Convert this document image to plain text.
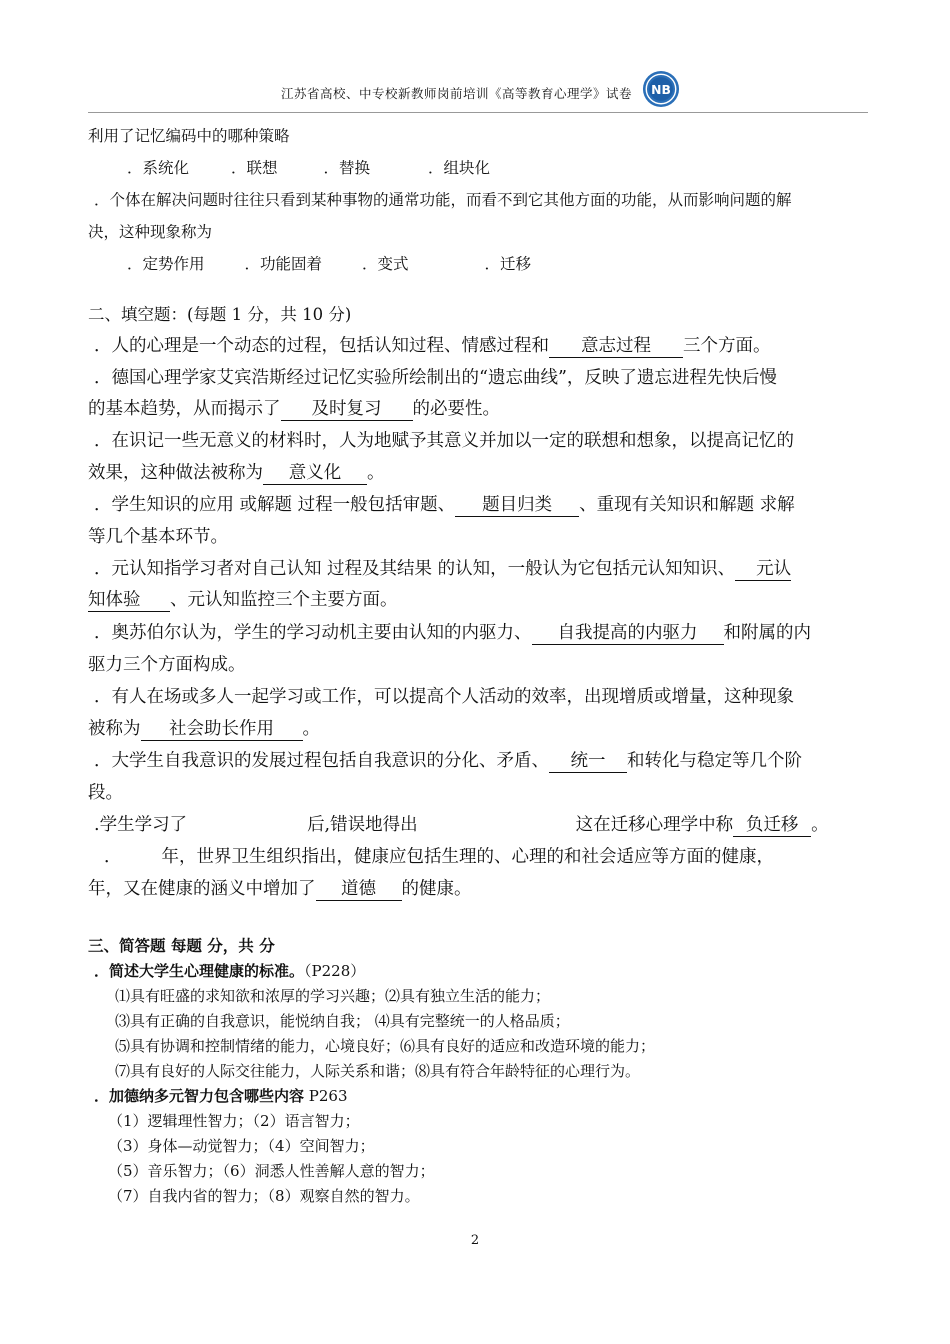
江苏省高校、中专校新教师岗前培训《高等教育心理学》试卷 NB
利用了记忆编码中的哪种策略
．系统化	．联想	．替换	．组块化
．个体在解决问题时往往只看到某种事物的通常功能，而看不到它其他方面的功能，从而影响问题的解
决，这种现象称为
．定势作用	．功能固着	．变式	．迁移
二、填空题：(每题 1 分，共 10 分)
．人的心理是一个动态的过程，包括认知过程、情感过程和 意志过程 三个方面。
．德国心理学家艾宾浩斯经过记忆实验所绘制出的“遗忘曲线”，反映了遗忘进程先快后慢
的基本趋势，从而揭示了 及时复习 的必要性。
．在识记一些无意义的材料时，人为地赋予其意义并加以一定的联想和想象，以提高记忆的
效果，这种做法被称为 意义化 。
．学生知识的应用 或解题 过程一般包括审题、 题目归类 、重现有关知识和解题 求解
等几个基本环节。
．元认知指学习者对自己认知 过程及其结果 的认知，一般认为它包括元认知知识、 元认
知体验 、元认知监控三个主要方面。
．奥苏伯尔认为，学生的学习动机主要由认知的内驱力、 自我提高的内驱力 和附属的内
驱力三个方面构成。
．有人在场或多人一起学习或工作，可以提高个人活动的效率，出现增质或增量，这种现象
被称为 社会助长作用 。
．大学生自我意识的发展过程包括自我意识的分化、矛盾、 统一 和转化与稳定等几个阶
段。
.学生学习了	后,错误地得出	这在迁移心理学中称 负迁移 。
． 年，世界卫生组织指出，健康应包括生理的、心理的和社会适应等方面的健康，
年，又在健康的涵义中增加了 道德 的健康。
三、简答题 每题 分，共 分
．简述大学生心理健康的标准。（P228）
⑴具有旺盛的求知欲和浓厚的学习兴趣；⑵具有独立生活的能力；
⑶具有正确的自我意识，能悦纳自我； ⑷具有完整统一的人格品质；
⑸具有协调和控制情绪的能力，心境良好；⑹具有良好的适应和改造环境的能力；
⑺具有良好的人际交往能力，人际关系和谐；⑻具有符合年龄特征的心理行为。
．加德纳多元智力包含哪些内容 P263
（1）逻辑理性智力；（2）语言智力；
（3）身体—动觉智力；（4）空间智力；
（5）音乐智力；（6）洞悉人性善解人意的智力；
（7）自我内省的智力；（8）观察自然的智力。
2
